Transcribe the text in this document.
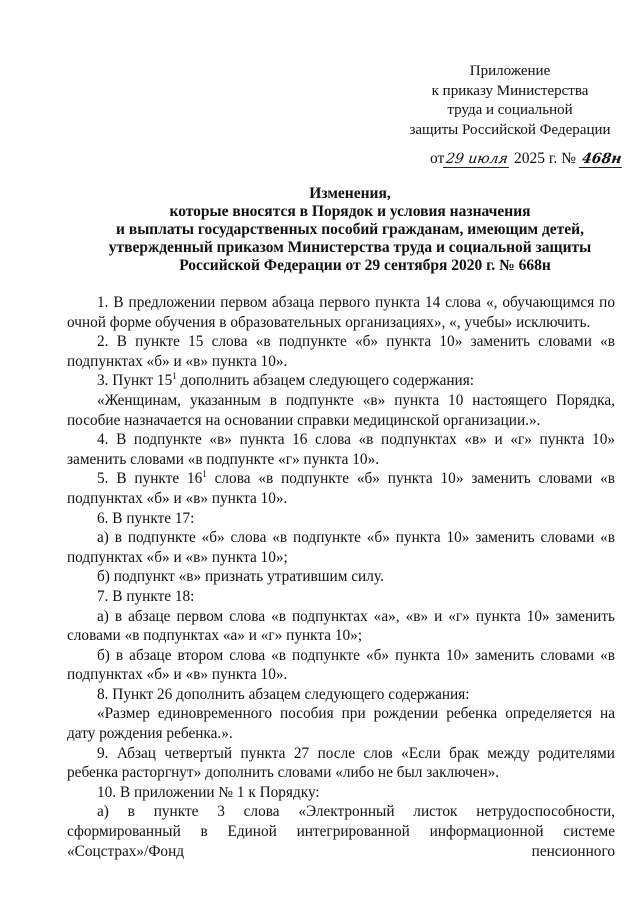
Приложение
к приказу Министерства
труда и социальной
защиты Российской Федерации
от29 июля 2025 г. № 468н
Изменения,
которые вносятся в Порядок и условия назначения
и выплаты государственных пособий гражданам, имеющим детей,
утвержденный приказом Министерства труда и социальной защиты
Российской Федерации от 29 сентября 2020 г. № 668н

1. В предложении первом абзаца первого пункта 14 слова «, обучающимся по очной форме обучения в образовательных организациях», «, учебы» исключить.

2. В пункте 15 слова «в подпункте «б» пункта 10» заменить словами «в подпунктах «б» и «в» пункта 10».

3. Пункт $15^1$ дополнить абзацем следующего содержания:

«Женщинам, указанным в подпункте «в» пункта 10 настоящего Порядка, пособие назначается на основании справки медицинской организации.».

4. В подпункте «в» пункта 16 слова «в подпунктах «в» и «г» пункта 10» заменить словами «в подпункте «г» пункта 10».

5. В пункте $16^1$ слова «в подпункте «б» пункта 10» заменить словами «в подпунктах «б» и «в» пункта 10».

6. В пункте 17:

а) в подпункте «б» слова «в подпункте «б» пункта 10» заменить словами «в подпунктах «б» и «в» пункта 10»;

б) подпункт «в» признать утратившим силу.

7. В пункте 18:

а) в абзаце первом слова «в подпунктах «а», «в» и «г» пункта 10» заменить словами «в подпунктах «а» и «г» пункта 10»;

б) в абзаце втором слова «в подпункте «б» пункта 10» заменить словами «в подпунктах «б» и «в» пункта 10».

8. Пункт 26 дополнить абзацем следующего содержания:

«Размер единовременного пособия при рождении ребенка определяется на дату рождения ребенка.».

9. Абзац четвертый пункта 27 после слов «Если брак между родителями ребенка расторгнут» дополнить словами «либо не был заключен».

10. В приложении № 1 к Порядку:

а) в пункте 3 слова «Электронный листок нетрудоспособности, сформированный в Единой интегрированной информационной системе «Соцстрах»/Фонд пенсионного
